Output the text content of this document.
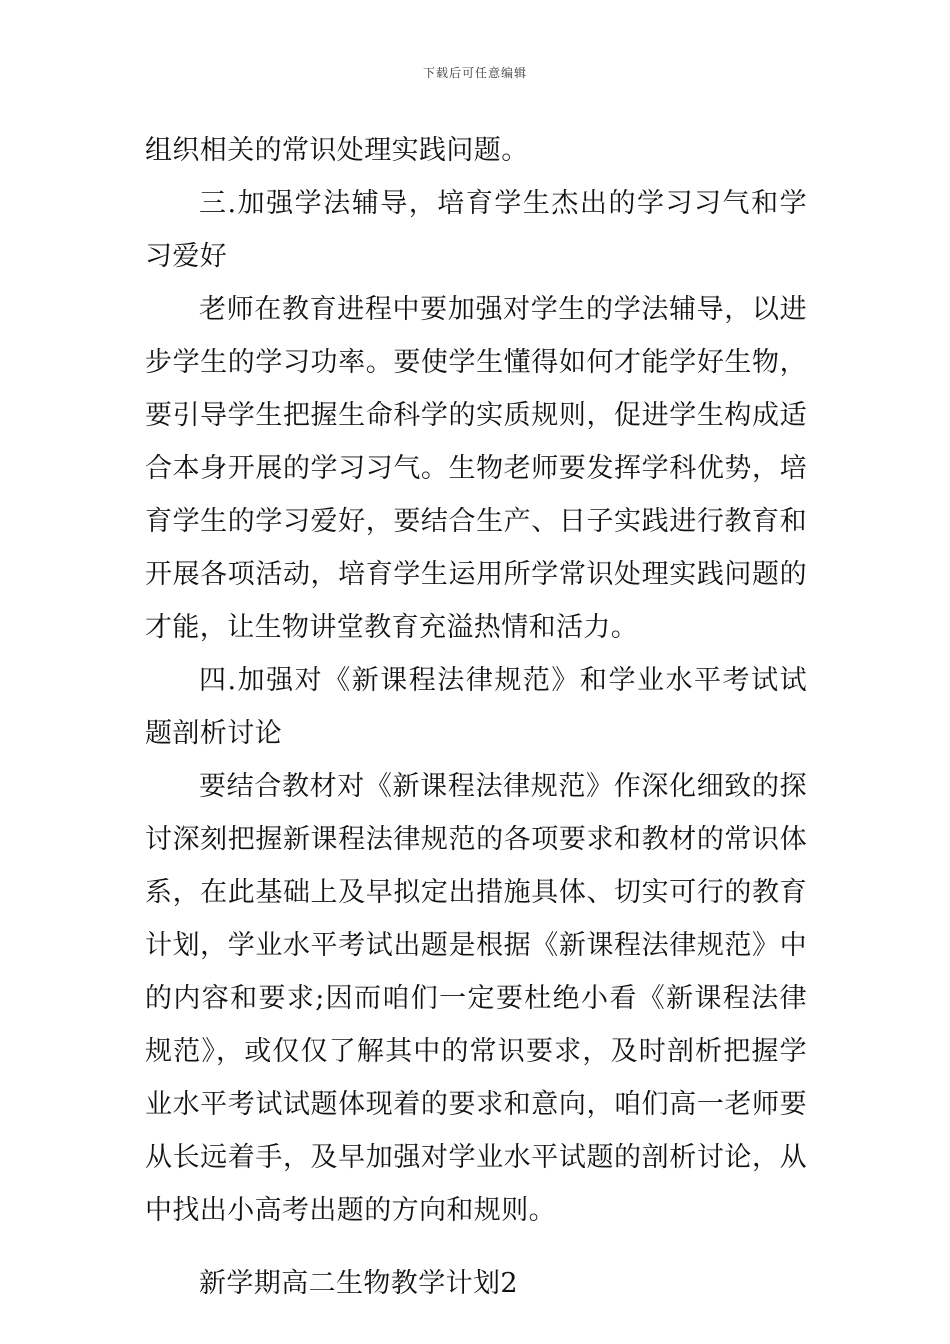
下载后可任意编辑

组织相关的常识处理实践问题。

三.加强学法辅导，培育学生杰出的学习习气和学习爱好

老师在教育进程中要加强对学生的学法辅导，以进步学生的学习功率。要使学生懂得如何才能学好生物，要引导学生把握生命科学的实质规则，促进学生构成适合本身开展的学习习气。生物老师要发挥学科优势，培育学生的学习爱好，要结合生产、日子实践进行教育和开展各项活动，培育学生运用所学常识处理实践问题的才能，让生物讲堂教育充溢热情和活力。

四.加强对《新课程法律规范》和学业水平考试试题剖析讨论

要结合教材对《新课程法律规范》作深化细致的探讨深刻把握新课程法律规范的各项要求和教材的常识体系，在此基础上及早拟定出措施具体、切实可行的教育计划，学业水平考试出题是根据《新课程法律规范》中的内容和要求;因而咱们一定要杜绝小看《新课程法律规范》，或仅仅了解其中的常识要求，及时剖析把握学业水平考试试题体现着的要求和意向，咱们高一老师要从长远着手，及早加强对学业水平试题的剖析讨论，从中找出小高考出题的方向和规则。

新学期高二生物教学计划2
